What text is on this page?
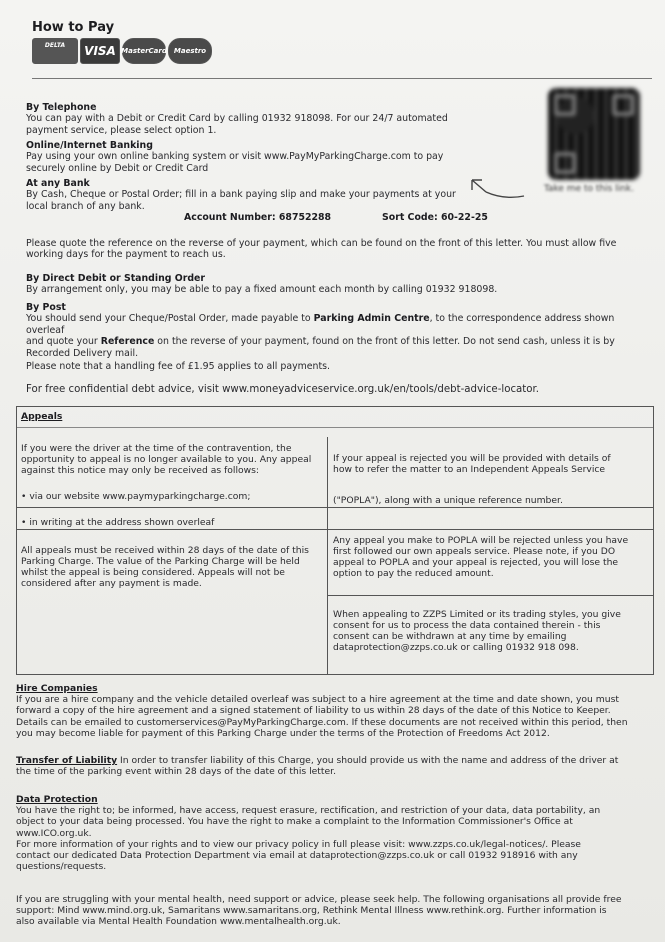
How to Pay
DELTA	VISA MasterCard	Maestro
Take me to this link.

By Telephone

You can pay with a Debit or Credit Card by calling 01932 918098. For our 24/7 automated

payment service, please select option 1.

Online/Internet Banking

Pay using your own online banking system or visit www.PayMyParkingCharge.com to pay

securely online by Debit or Credit Card

At any Bank

By Cash, Cheque or Postal Order; fill in a bank paying slip and make your payments at your

local branch of any bank.

Account Number: 68752288	Sort Code: 60-22-25

Please quote the reference on the reverse of your payment, which can be found on the front of this letter. You must allow five

working days for the payment to reach us.

By Direct Debit or Standing Order

By arrangement only, you may be able to pay a fixed amount each month by calling 01932 918098.

By Post

You should send your Cheque/Postal Order, made payable to Parking Admin Centre, to the correspondence address shown overleaf

and quote your Reference on the reverse of your payment, found on the front of this letter. Do not send cash, unless it is by

Recorded Delivery mail.

Please note that a handling fee of £1.95 applies to all payments.
For free confidential debt advice, visit www.moneyadviceservice.org.uk/en/tools/debt-advice-locator.
Appeals

If you were the driver at the time of the contravention, the

opportunity to appeal is no longer available to you. Any appeal

against this notice may only be received as follows:

• via our website www.paymyparkingcharge.com;
• in writing at the address shown overleaf

All appeals must be received within 28 days of the date of this

Parking Charge. The value of the Parking Charge will be held

whilst the appeal is being considered. Appeals will not be

considered after any payment is made.

If your appeal is rejected you will be provided with details of

how to refer the matter to an Independent Appeals Service

("POPLA"), along with a unique reference number.

Any appeal you make to POPLA will be rejected unless you have

first followed our own appeals service. Please note, if you DO

appeal to POPLA and your appeal is rejected, you will lose the

option to pay the reduced amount.

When appealing to ZZPS Limited or its trading styles, you give

consent for us to process the data contained therein - this

consent can be withdrawn at any time by emailing

dataprotection@zzps.co.uk or calling 01932 918 098.

Hire Companies

If you are a hire company and the vehicle detailed overleaf was subject to a hire agreement at the time and date shown, you must

forward a copy of the hire agreement and a signed statement of liability to us within 28 days of the date of this Notice to Keeper.

Details can be emailed to customerservices@PayMyParkingCharge.com. If these documents are not received within this period, then

you may become liable for payment of this Parking Charge under the terms of the Protection of Freedoms Act 2012.

Transfer of Liability In order to transfer liability of this Charge, you should provide us with the name and address of the driver at

the time of the parking event within 28 days of the date of this letter.

Data Protection

You have the right to; be informed, have access, request erasure, rectification, and restriction of your data, data portability, an

object to your data being processed. You have the right to make a complaint to the Information Commissioner's Office at

www.ICO.org.uk.

For more information of your rights and to view our privacy policy in full please visit: www.zzps.co.uk/legal-notices/. Please

contact our dedicated Data Protection Department via email at dataprotection@zzps.co.uk or call 01932 918916 with any

questions/requests.

If you are struggling with your mental health, need support or advice, please seek help. The following organisations all provide free

support: Mind www.mind.org.uk, Samaritans www.samaritans.org, Rethink Mental Illness www.rethink.org. Further information is

also available via Mental Health Foundation www.mentalhealth.org.uk.
